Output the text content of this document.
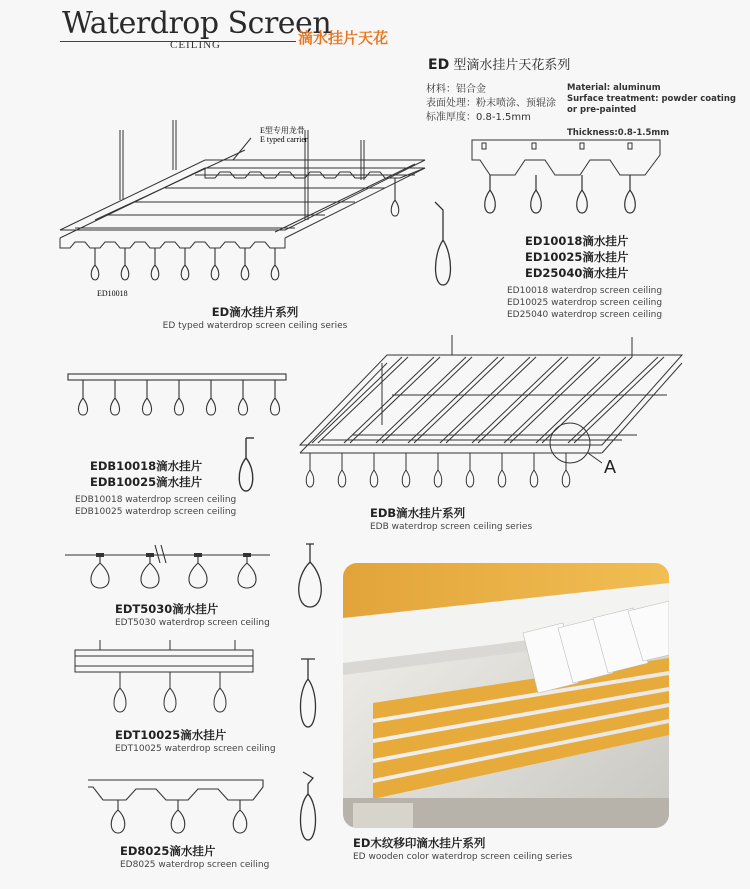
Waterdrop Screen
CEILING	滴水挂片天花
ED 型滴水挂片天花系列
材料：铝合金
表面处理：粉末喷涂、预辊涂
标准厚度：0.8-1.5mm
Material: aluminum
Surface treatment: powder coating
or pre-painted
Thickness:0.8-1.5mm
E型专用龙骨
E typed carrier
ED10018
ED10018滴水挂片
ED10025滴水挂片
ED25040滴水挂片
ED10018 waterdrop screen ceiling
ED10025 waterdrop screen ceiling
ED25040 waterdrop screen ceiling
ED滴水挂片系列
ED typed waterdrop screen ceiling series
EDB10018滴水挂片
EDB10025滴水挂片
EDB10018 waterdrop screen ceiling
EDB10025 waterdrop screen ceiling
A
EDB滴水挂片系列
EDB waterdrop screen ceiling series
EDT5030滴水挂片
EDT5030 waterdrop screen ceiling
EDT10025滴水挂片
EDT10025 waterdrop screen ceiling
ED8025滴水挂片
ED8025 waterdrop screen ceiling
ED木纹移印滴水挂片系列
ED wooden color waterdrop screen ceiling series
